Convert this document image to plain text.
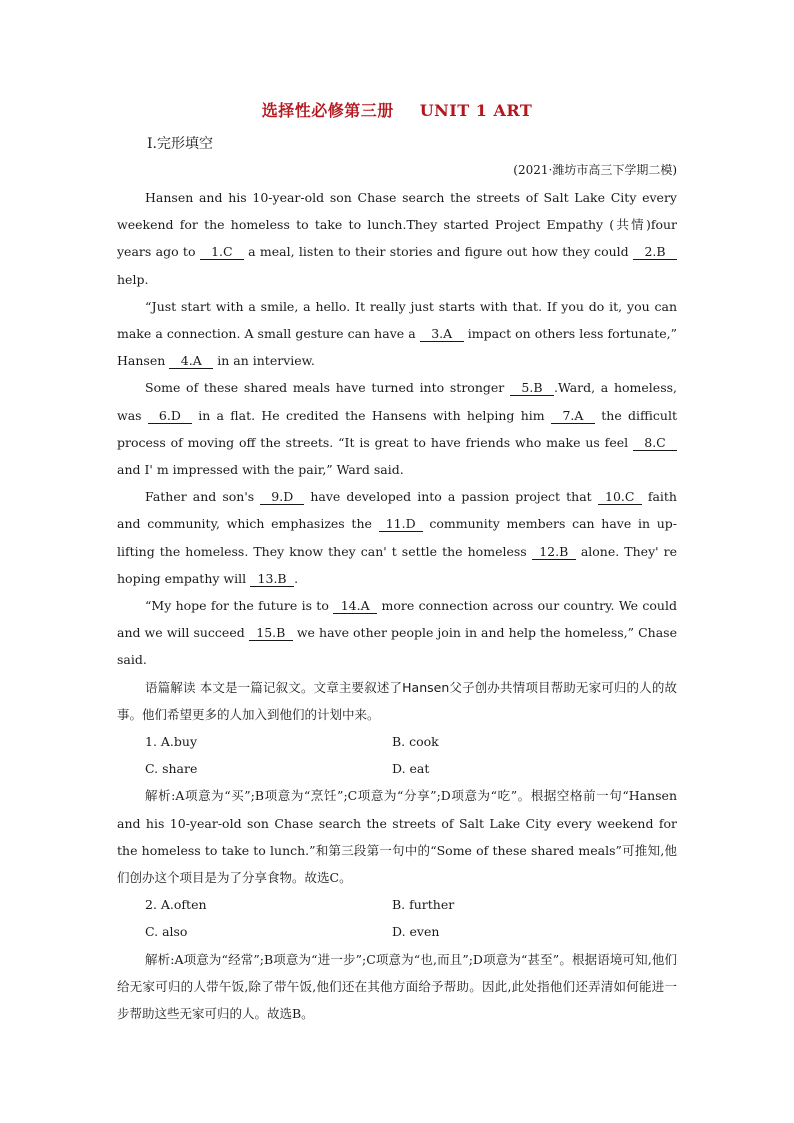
选择性必修第三册 UNIT 1 ART
Ⅰ.完形填空
(2021·潍坊市高三下学期二模)

Hansen and his 10-year-old son Chase search the streets of Salt Lake City every weekend for the homeless to take to lunch.They started Project Empathy (共情)four years ago to 1.C a meal, listen to their stories and figure out how they could 2.B help.

“Just start with a smile, a hello. It really just starts with that. If you do it, you can make a connection. A small gesture can have a 3.A impact on others less fortunate,” Hansen 4.A in an interview.

Some of these shared meals have turned into stronger 5.B .Ward, a homeless, was 6.D in a flat. He credited the Hansens with helping him 7.A the difficult process of moving off the streets. “It is great to have friends who make us feel 8.C and I' m impressed with the pair,” Ward said.

Father and son's 9.D have developed into a passion project that 10.C faith and community, which emphasizes the 11.D community members can have in up-lifting the homeless. They know they can' t settle the homeless 12.B alone. They' re hoping empathy will 13.B .

“My hope for the future is to 14.A more connection across our country. We could and we will succeed 15.B we have other people join in and help the homeless,” Chase said.

语篇解读 本文是一篇记叙文。文章主要叙述了Hansen父子创办共情项目帮助无家可归的人的故事。他们希望更多的人加入到他们的计划中来。

1. A.buy	B. cook
C. share	D. eat

解析:A项意为“买”;B项意为“烹饪”;C项意为“分享”;D项意为“吃”。根据空格前一句“Hansen and his 10-year-old son Chase search the streets of Salt Lake City every weekend for the homeless to take to lunch.”和第三段第一句中的“Some of these shared meals”可推知,他们创办这个项目是为了分享食物。故选C。

2. A.often	B. further
C. also	D. even

解析:A项意为“经常”;B项意为“进一步”;C项意为“也,而且”;D项意为“甚至”。根据语境可知,他们给无家可归的人带午饭,除了带午饭,他们还在其他方面给予帮助。因此,此处指他们还弄清如何能进一步帮助这些无家可归的人。故选B。
